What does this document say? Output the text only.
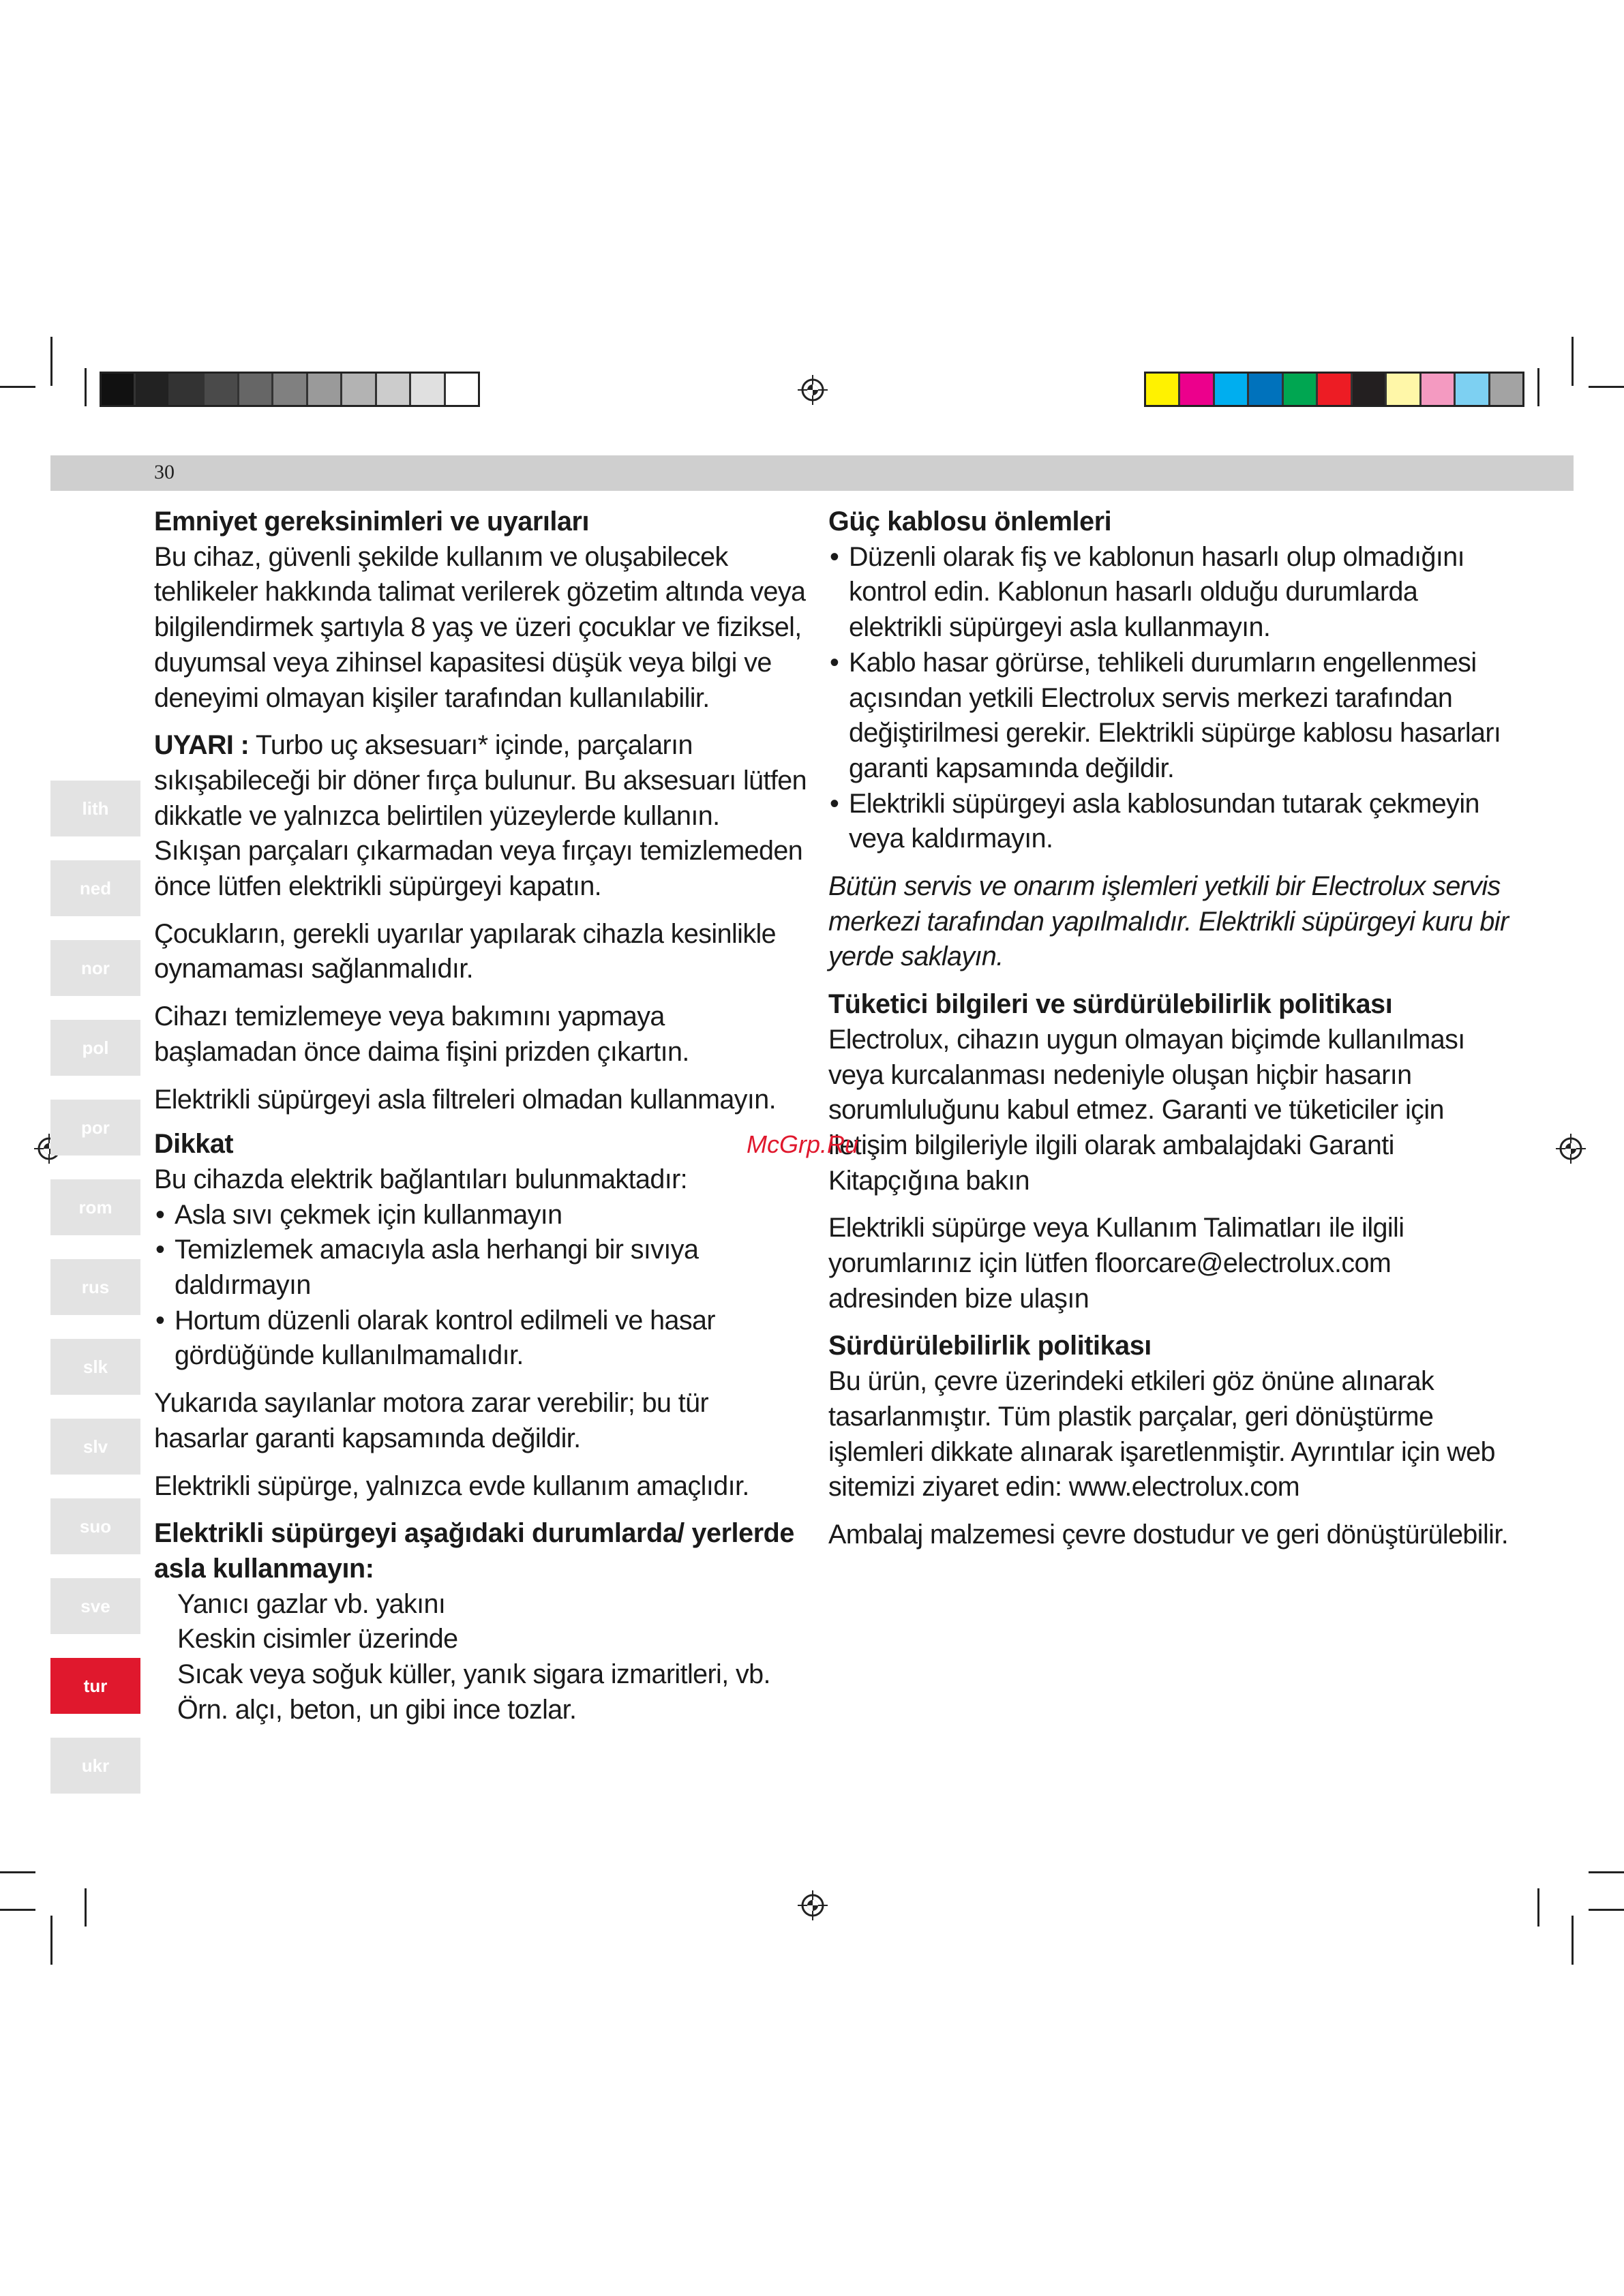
30
lith
ned
nor
pol
por
rom
rus
slk
slv
suo
sve
tur
ukr
Emniyet gereksinimleri ve uyarıları

Bu cihaz, güvenli şekilde kullanım ve oluşabilecek tehlikeler hakkında talimat verilerek gözetim altında veya bilgilendirmek şartıyla 8 yaş ve üzeri çocuklar ve fiziksel, duyumsal veya zihinsel kapasitesi düşük veya bilgi ve deneyimi olmayan kişiler tarafından kullanılabilir.

UYARI : Turbo uç aksesuarı* içinde, parçaların sıkışabileceği bir döner fırça bulunur. Bu aksesuarı lütfen dikkatle ve yalnızca belirtilen yüzeylerde kullanın. Sıkışan parçaları çıkarmadan veya fırçayı temizlemeden önce lütfen elektrikli süpürgeyi kapatın.

Çocukların, gerekli uyarılar yapılarak cihazla kesinlikle oynamaması sağlanmalıdır.

Cihazı temizlemeye veya bakımını yapmaya başlamadan önce daima fişini prizden çıkartın.

Elektrikli süpürgeyi asla filtreleri olmadan kullanmayın.

Dikkat
Bu cihazda elektrik bağlantıları bulunmaktadır:
• Asla sıvı çekmek için kullanmayın
• Temizlemek amacıyla asla herhangi bir sıvıya daldırmayın
• Hortum düzenli olarak kontrol edilmeli ve hasar gördüğünde kullanılmamalıdır.

Yukarıda sayılanlar motora zarar verebilir; bu tür hasarlar garanti kapsamında değildir.

Elektrikli süpürge, yalnızca evde kullanım amaçlıdır.

Elektrikli süpürgeyi aşağıdaki durumlarda/ yerlerde asla kullanmayın:
Yanıcı gazlar vb. yakını
Keskin cisimler üzerinde
Sıcak veya soğuk küller, yanık sigara izmaritleri, vb.
Örn. alçı, beton, un gibi ince tozlar.
Güç kablosu önlemleri
• Düzenli olarak fiş ve kablonun hasarlı olup olmadığını kontrol edin. Kablonun hasarlı olduğu durumlarda elektrikli süpürgeyi asla kullanmayın.
• Kablo hasar görürse, tehlikeli durumların engellenmesi açısından yetkili Electrolux servis merkezi tarafından değiştirilmesi gerekir. Elektrikli süpürge kablosu hasarları garanti kapsamında değildir.
• Elektrikli süpürgeyi asla kablosundan tutarak çekmeyin veya kaldırmayın.

Bütün servis ve onarım işlemleri yetkili bir Electrolux servis merkezi tarafından yapılmalıdır. Elektrikli süpürgeyi kuru bir yerde saklayın.

Tüketici bilgileri ve sürdürülebilirlik politikası

Electrolux, cihazın uygun olmayan biçimde kullanılması veya kurcalanması nedeniyle oluşan hiçbir hasarın sorumluluğunu kabul etmez. Garanti ve tüketiciler için iletişim bilgileriyle ilgili olarak ambalajdaki Garanti Kitapçığına bakın

Elektrikli süpürge veya Kullanım Talimatları ile ilgili yorumlarınız için lütfen floorcare@electrolux.com adresinden bize ulaşın

Sürdürülebilirlik politikası

Bu ürün, çevre üzerindeki etkileri göz önüne alınarak tasarlanmıştır. Tüm plastik parçalar, geri dönüştürme işlemleri dikkate alınarak işaretlenmiştir. Ayrıntılar için web sitemizi ziyaret edin: www.electrolux.com

Ambalaj malzemesi çevre dostudur ve geri dönüştürülebilir.

McGrp.Ru
